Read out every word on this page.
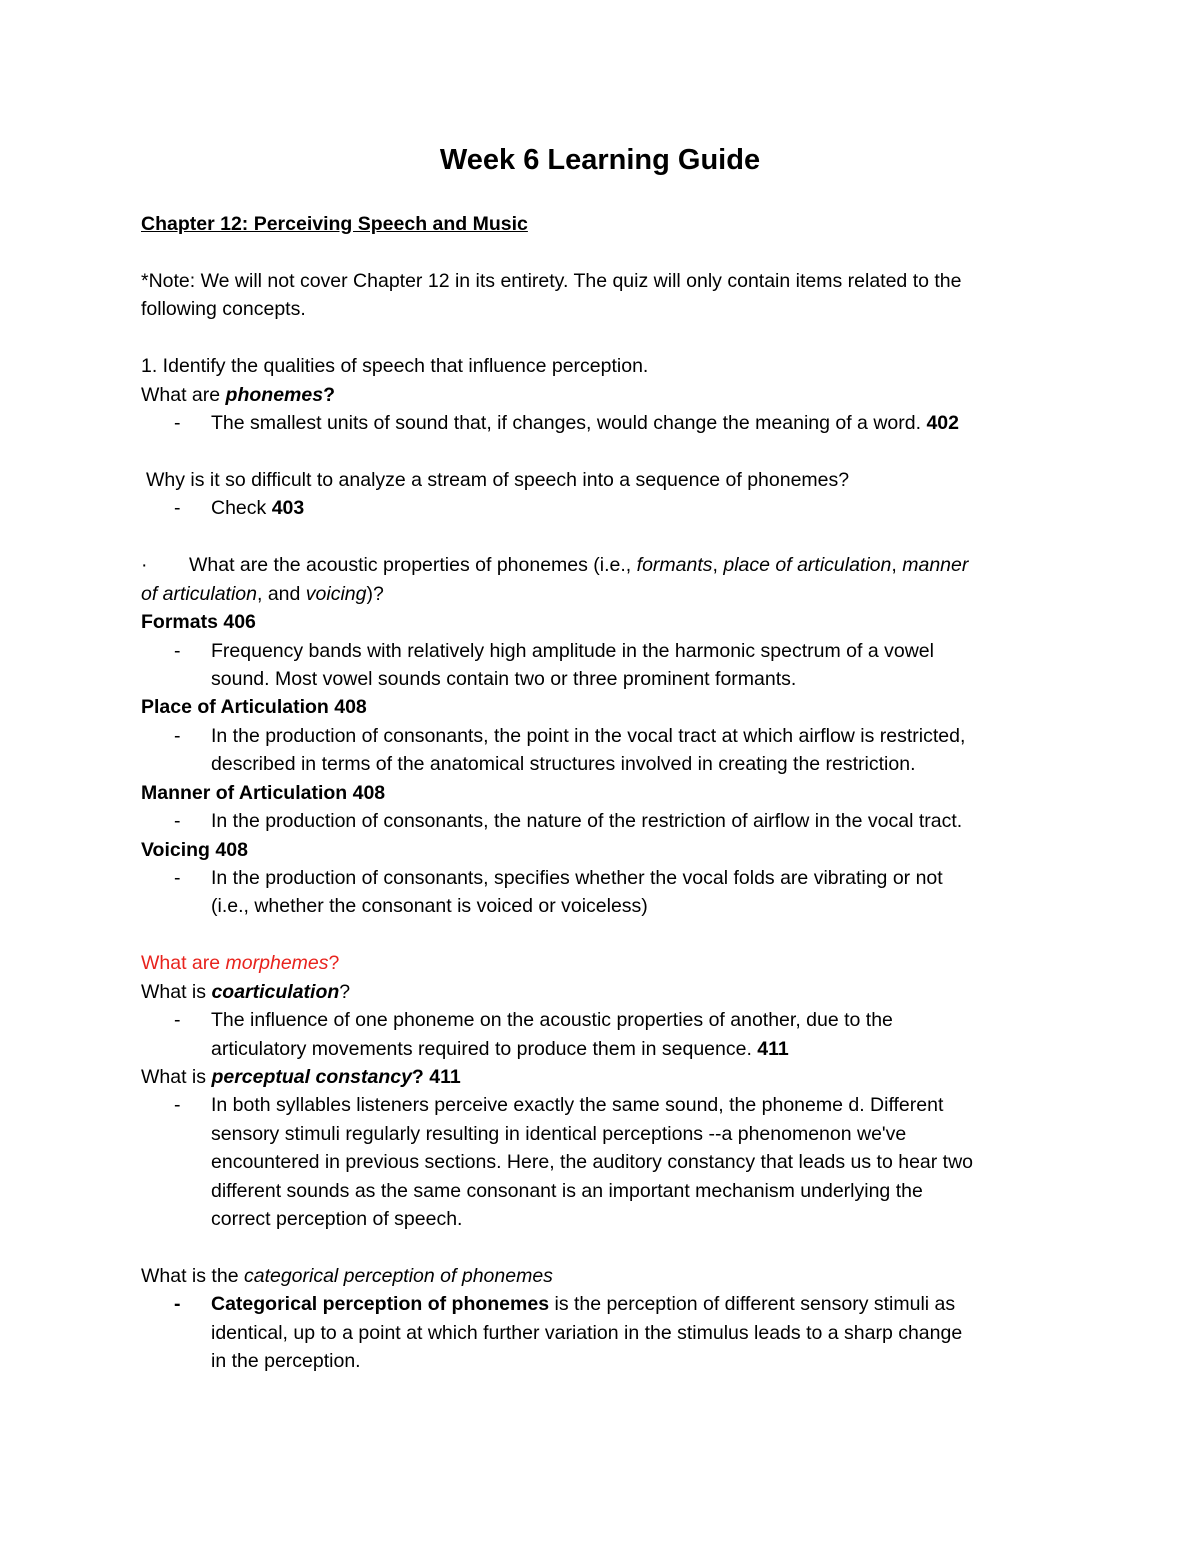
Week 6 Learning Guide
Chapter 12: Perceiving Speech and Music
*Note: We will not cover Chapter 12 in its entirety. The quiz will only contain items related to the
following concepts.
1. Identify the qualities of speech that influence perception.
What are phonemes?
- The smallest units of sound that, if changes, would change the meaning of a word. 402
Why is it so difficult to analyze a stream of speech into a sequence of phonemes?
- Check 403
· What are the acoustic properties of phonemes (i.e., formants, place of articulation, manner
of articulation, and voicing)?
Formats 406
- Frequency bands with relatively high amplitude in the harmonic spectrum of a vowel
sound. Most vowel sounds contain two or three prominent formants.
Place of Articulation 408
- In the production of consonants, the point in the vocal tract at which airflow is restricted,
described in terms of the anatomical structures involved in creating the restriction.
Manner of Articulation 408
- In the production of consonants, the nature of the restriction of airflow in the vocal tract.
Voicing 408
- In the production of consonants, specifies whether the vocal folds are vibrating or not
(i.e., whether the consonant is voiced or voiceless)
What are morphemes?
What is coarticulation?
- The influence of one phoneme on the acoustic properties of another, due to the
articulatory movements required to produce them in sequence. 411
What is perceptual constancy? 411
- In both syllables listeners perceive exactly the same sound, the phoneme d. Different
sensory stimuli regularly resulting in identical perceptions --a phenomenon we've
encountered in previous sections. Here, the auditory constancy that leads us to hear two
different sounds as the same consonant is an important mechanism underlying the
correct perception of speech.
What is the categorical perception of phonemes
- Categorical perception of phonemes is the perception of different sensory stimuli as
identical, up to a point at which further variation in the stimulus leads to a sharp change
in the perception.
